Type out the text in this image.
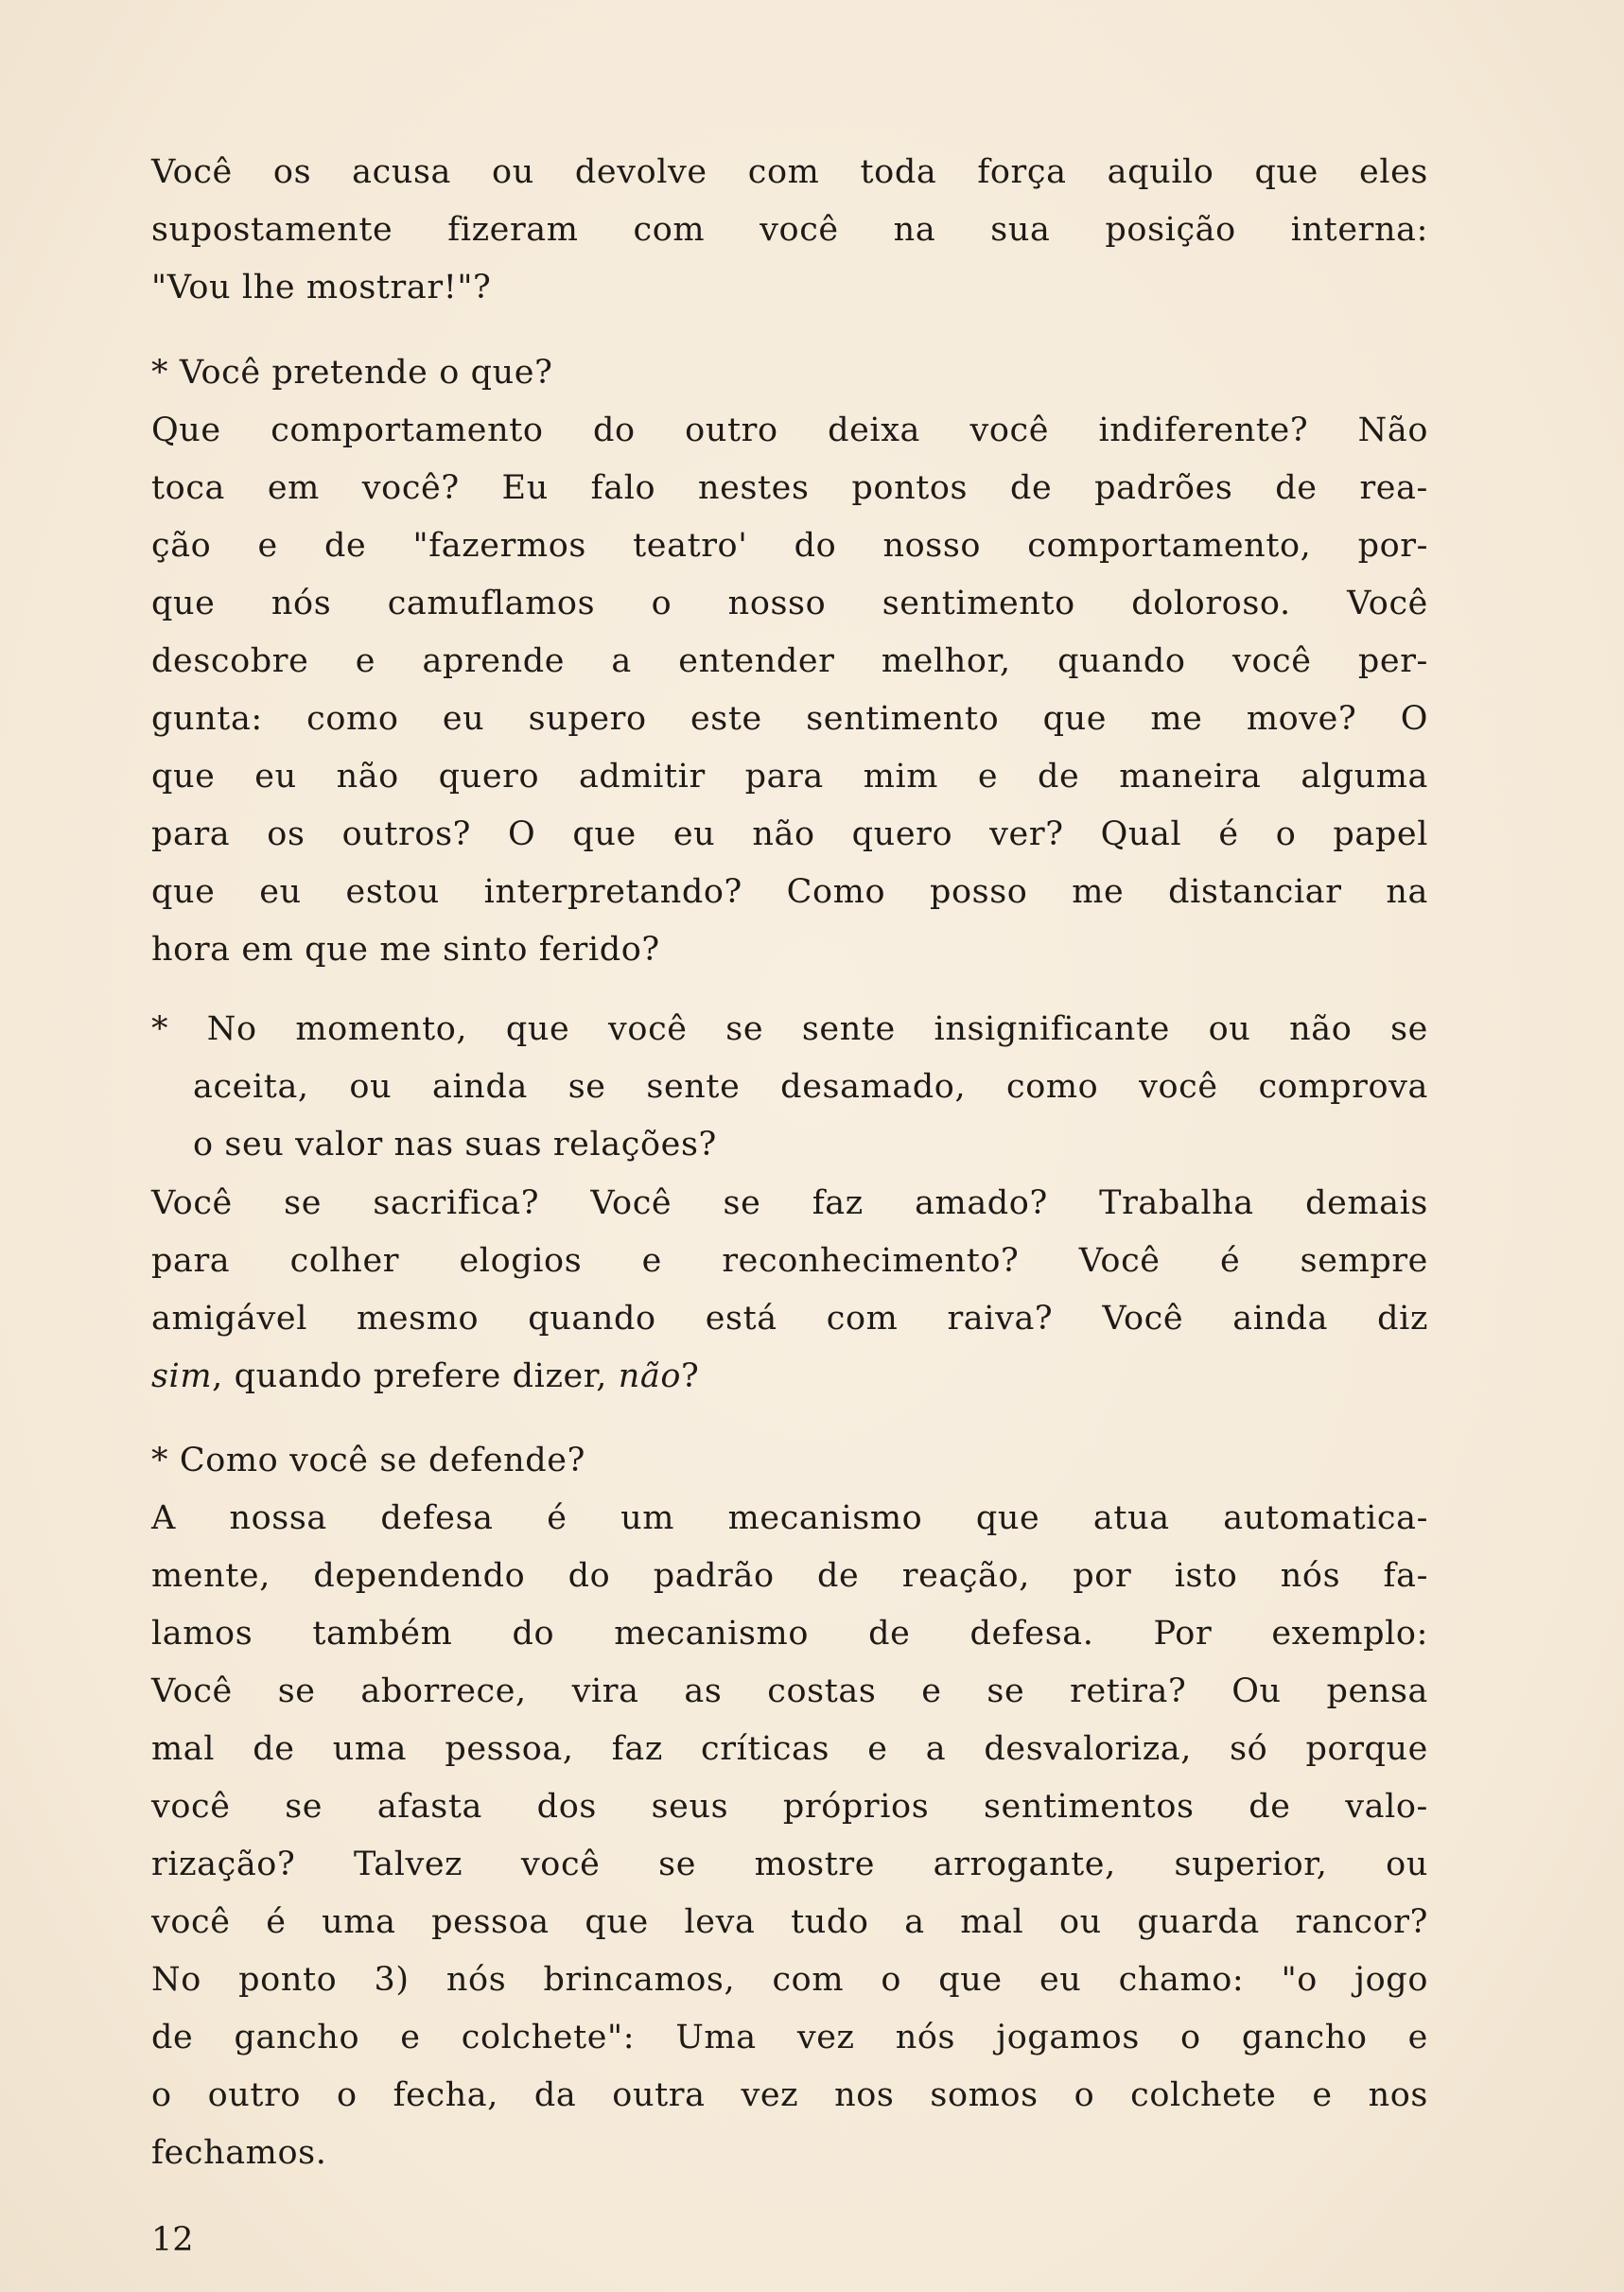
Você os acusa ou devolve com toda força aquilo que eles
supostamente fizeram com você na sua posição interna:
"Vou lhe mostrar!"?
* Você pretende o que?
Que comportamento do outro deixa você indiferente? Não
toca em você? Eu falo nestes pontos de padrões de rea-
ção e de "fazermos teatro' do nosso comportamento, por-
que nós camuflamos o nosso sentimento doloroso. Você
descobre e aprende a entender melhor, quando você per-
gunta: como eu supero este sentimento que me move? O
que eu não quero admitir para mim e de maneira alguma
para os outros? O que eu não quero ver? Qual é o papel
que eu estou interpretando? Como posso me distanciar na
hora em que me sinto ferido?
* No momento, que você se sente insignificante ou não se
aceita, ou ainda se sente desamado, como você comprova
o seu valor nas suas relações?
Você se sacrifica? Você se faz amado? Trabalha demais
para colher elogios e reconhecimento? Você é sempre
amigável mesmo quando está com raiva? Você ainda diz
sim, quando prefere dizer, não?
* Como você se defende?
A nossa defesa é um mecanismo que atua automatica-
mente, dependendo do padrão de reação, por isto nós fa-
lamos também do mecanismo de defesa. Por exemplo:
Você se aborrece, vira as costas e se retira? Ou pensa
mal de uma pessoa, faz críticas e a desvaloriza, só porque
você se afasta dos seus próprios sentimentos de valo-
rização? Talvez você se mostre arrogante, superior, ou
você é uma pessoa que leva tudo a mal ou guarda rancor?
No ponto 3) nós brincamos, com o que eu chamo: "o jogo
de gancho e colchete": Uma vez nós jogamos o gancho e
o outro o fecha, da outra vez nos somos o colchete e nos
fechamos.
12
